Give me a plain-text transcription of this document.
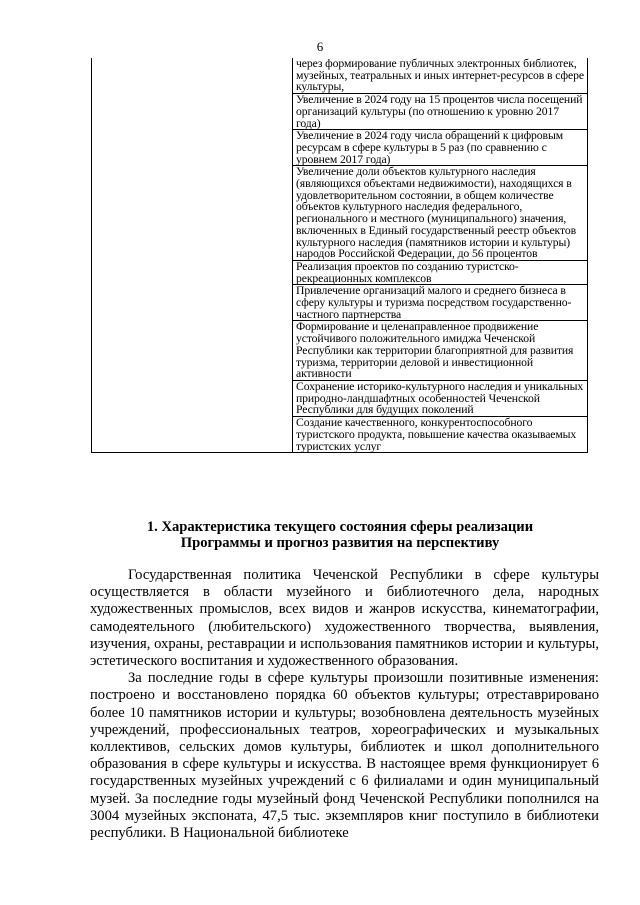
6
	через формирование публичных электронных библиотек, музейных, театральных и иных интернет-ресурсов в сфере культуры,
Увеличение в 2024 году на 15 процентов числа посещений организаций культуры (по отношению к уровню 2017 года)
Увеличение в 2024 году числа обращений к цифровым ресурсам в сфере культуры в 5 раз (по сравнению с уровнем 2017 года)
Увеличение доли объектов культурного наследия (являющихся объектами недвижимости), находящихся в удовлетворительном состоянии, в общем количестве объектов культурного наследия федерального, регионального и местного (муниципального) значения, включенных в Единый государственный реестр объектов культурного наследия (памятников истории и культуры) народов Российской Федерации, до 56 процентов
Реализация проектов по созданию туристско-рекреационных комплексов
Привлечение организаций малого и среднего бизнеса в сферу культуры и туризма посредством государственно-частного партнерства
Формирование и целенаправленное продвижение устойчивого положительного имиджа Чеченской Республики как территории благоприятной для развития туризма, территории деловой и инвестиционной активности
Сохранение историко-культурного наследия и уникальных природно-ландшафтных особенностей Чеченской Республики для будущих поколений
Создание качественного, конкурентоспособного туристского продукта, повышение качества оказываемых туристских услуг
1. Характеристика текущего состояния сферы реализации
Программы и прогноз развития на перспективу

Государственная политика Чеченской Республики в сфере культуры осуществляется в области музейного и библиотечного дела, народных художественных промыслов, всех видов и жанров искусства, кинематографии, самодеятельного (любительского) художественного творчества, выявления, изучения, охраны, реставрации и использования памятников истории и культуры, эстетического воспитания и художественного образования.

За последние годы в сфере культуры произошли позитивные изменения: построено и восстановлено порядка 60 объектов культуры; отреставрировано более 10 памятников истории и культуры; возобновлена деятельность музейных учреждений, профессиональных театров, хореографических и музыкальных коллективов, сельских домов культуры, библиотек и школ дополнительного образования в сфере культуры и искусства. В настоящее время функционирует 6 государственных музейных учреждений с 6 филиалами и один муниципальный музей. За последние годы музейный фонд Чеченской Республики пополнился на 3004 музейных экспоната, 47,5 тыс. экземпляров книг поступило в библиотеки республики. В Национальной библиотеке
